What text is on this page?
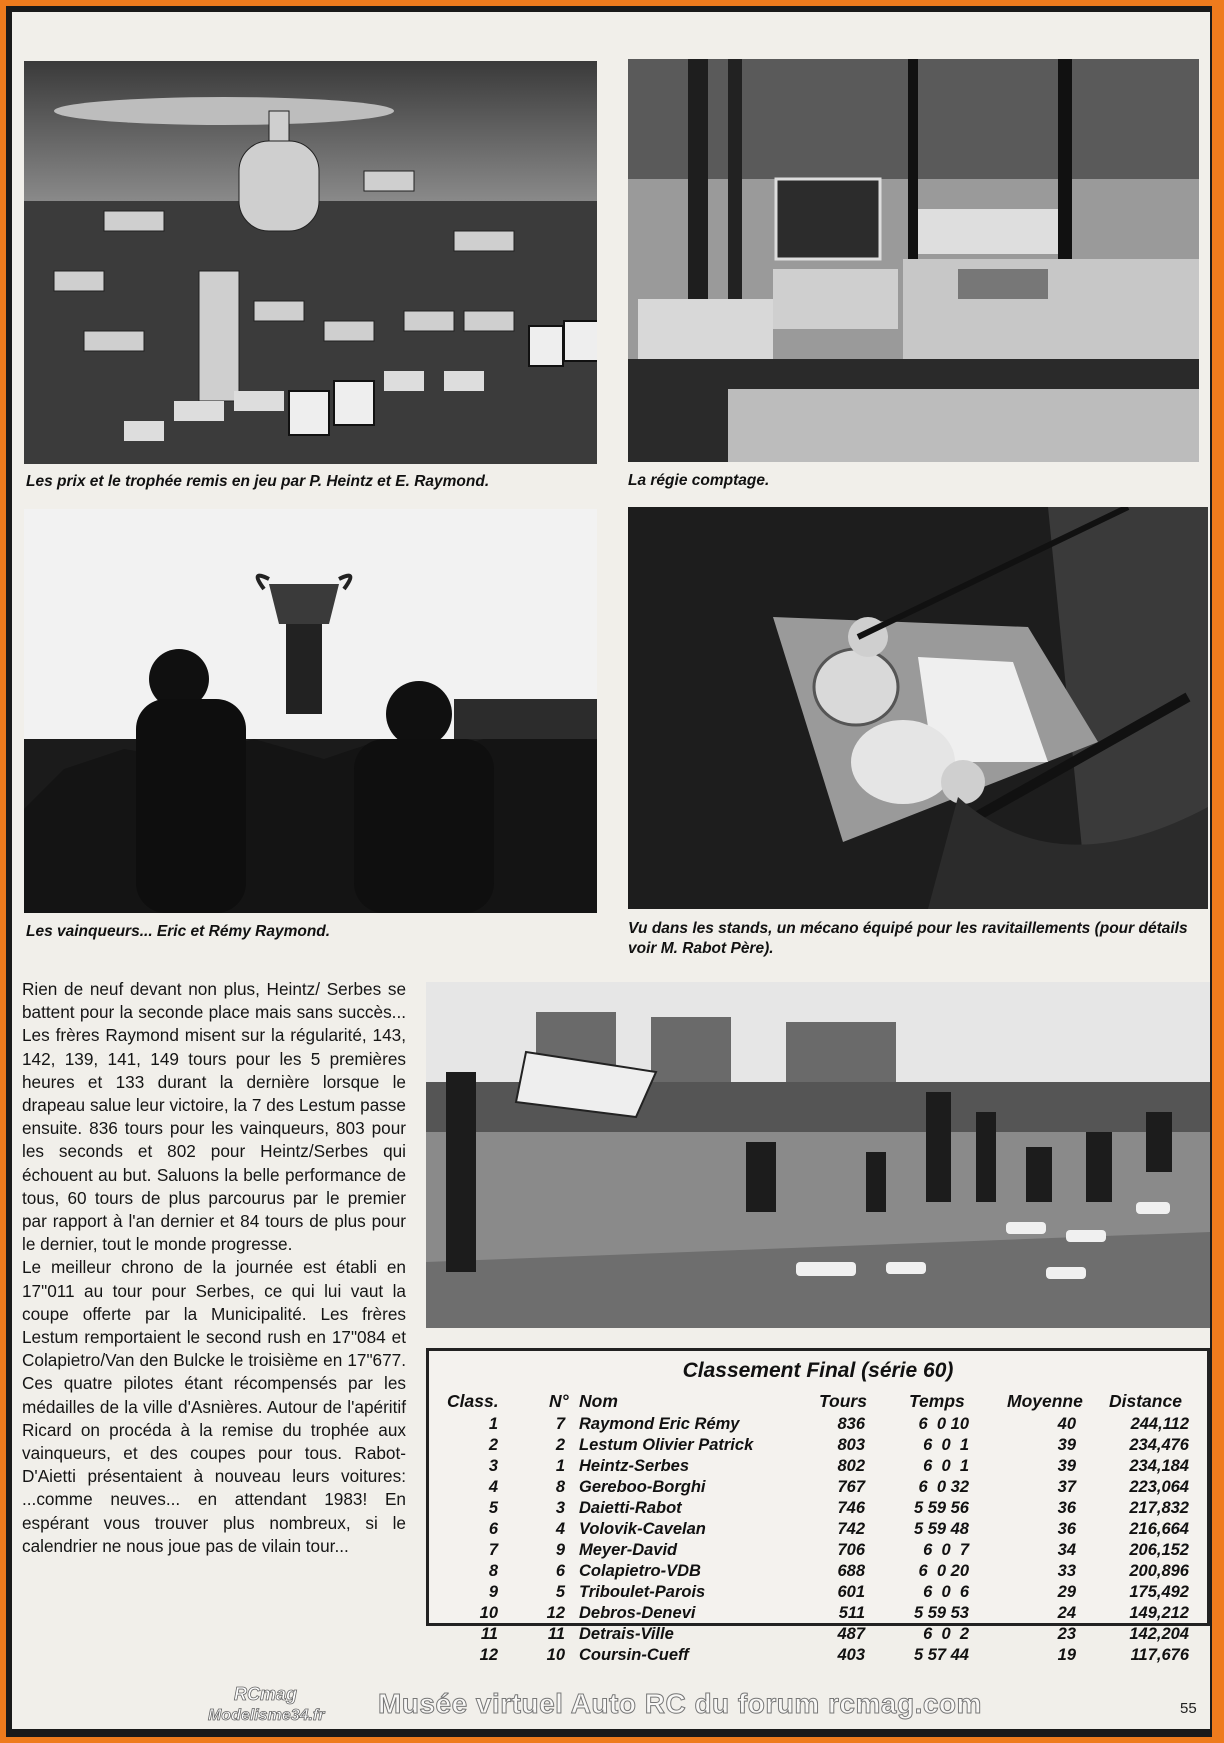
Les prix et le trophée remis en jeu par P. Heintz et E. Raymond.	La régie comptage.
Les vainqueurs... Eric et Rémy Raymond.	Vu dans les stands, un mécano équipé pour les ravitaillements (pour détails voir M. Rabot Père).

Rien de neuf devant non plus, Heintz/ Serbes se battent pour la seconde place mais sans succès... Les frères Raymond misent sur la régularité, 143, 142, 139, 141, 149 tours pour les 5 premières heures et 133 durant la dernière lorsque le drapeau salue leur victoire, la 7 des Lestum passe ensuite. 836 tours pour les vainqueurs, 803 pour les seconds et 802 pour Heintz/Serbes qui échouent au but. Saluons la belle performance de tous, 60 tours de plus parcourus par le premier par rapport à l'an dernier et 84 tours de plus pour le dernier, tout le monde progresse.

Le meilleur chrono de la journée est établi en 17"011 au tour pour Serbes, ce qui lui vaut la coupe offerte par la Municipalité. Les frères Lestum remportaient le second rush en 17"084 et Colapietro/Van den Bulcke le troisième en 17"677. Ces quatre pilotes étant récompensés par les médailles de la ville d'Asnières. Autour de l'apéritif Ricard on procéda à la remise du trophée aux vainqueurs, et des coupes pour tous. Rabot-D'Aietti présentaient à nouveau leurs voitures: ...comme neuves... en attendant 1983! En espérant vous trouver plus nombreux, si le calendrier ne nous joue pas de vilain tour...

Classement Final (série 60)
Class.	N° Nom	Tours Temps Moyenne Distance
1	7 Raymond Eric Rémy	836	6  0 10	40	244,112
2	2 Lestum Olivier Patrick	803	6  0  1	39	234,476
3	1 Heintz-Serbes	802	6  0  1	39	234,184
4	8 Gereboo-Borghi	767	6  0 32	37	223,064
5	3 Daietti-Rabot	746	5 59 56	36	217,832
6	4 Volovik-Cavelan	742	5 59 48	36	216,664
7	9 Meyer-David	706	6  0  7	34	206,152
8	6 Colapietro-VDB	688	6  0 20	33	200,896
9	5 Triboulet-Parois	601	6  0  6	29	175,492
10	12 Debros-Denevi	511	5 59 53	24	149,212
11	11 Detrais-Ville	487	6  0  2	23	142,204
12	10 Coursin-Cueff	403	5 57 44	19	117,676
RCmag
Modelisme34.fr Musée virtuel Auto RC du forum rcmag.com	55
